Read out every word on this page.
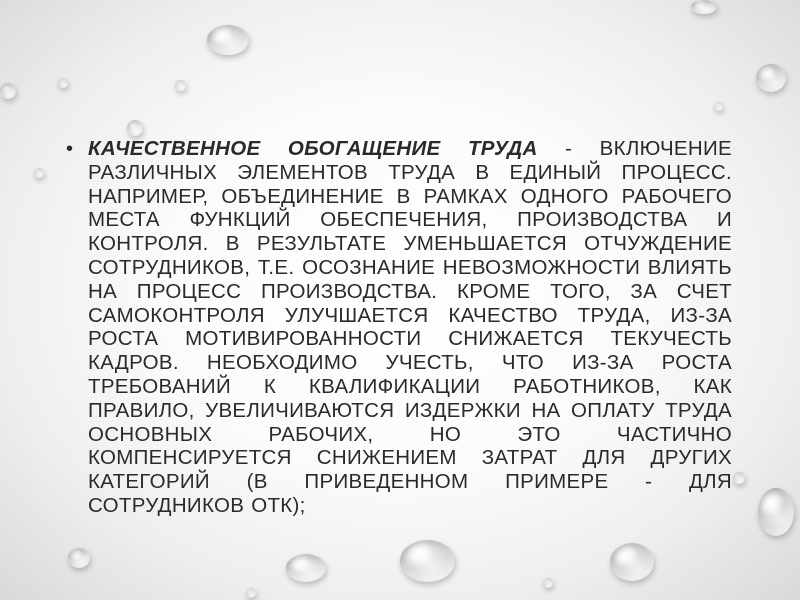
• КАЧЕСТВЕННОЕ ОБОГАЩЕНИЕ ТРУДА - ВКЛЮЧЕНИЕ РАЗЛИЧНЫХ ЭЛЕМЕНТОВ ТРУДА В ЕДИНЫЙ ПРОЦЕСС. НАПРИМЕР, ОБЪЕДИНЕНИЕ В РАМКАХ ОДНОГО РАБОЧЕГО МЕСТА ФУНКЦИЙ ОБЕСПЕЧЕНИЯ, ПРОИЗВОДСТВА И КОНТРОЛЯ. В РЕЗУЛЬТАТЕ УМЕНЬШАЕТСЯ ОТЧУЖДЕНИЕ СОТРУДНИКОВ, Т.Е. ОСОЗНАНИЕ НЕВОЗМОЖНОСТИ ВЛИЯТЬ НА ПРОЦЕСС ПРОИЗВОДСТВА. КРОМЕ ТОГО, ЗА СЧЕТ САМОКОНТРОЛЯ УЛУЧШАЕТСЯ КАЧЕСТВО ТРУДА, ИЗ-ЗА РОСТА МОТИВИРОВАННОСТИ СНИЖАЕТСЯ ТЕКУЧЕСТЬ КАДРОВ. НЕОБХОДИМО УЧЕСТЬ, ЧТО ИЗ-ЗА РОСТА ТРЕБОВАНИЙ К КВАЛИФИКАЦИИ РАБОТНИКОВ, КАК ПРАВИЛО, УВЕЛИЧИВАЮТСЯ ИЗДЕРЖКИ НА ОПЛАТУ ТРУДА ОСНОВНЫХ РАБОЧИХ, НО ЭТО ЧАСТИЧНО КОМПЕНСИРУЕТСЯ СНИЖЕНИЕМ ЗАТРАТ ДЛЯ ДРУГИХ КАТЕГОРИЙ (В ПРИВЕДЕННОМ ПРИМЕРЕ - ДЛЯ СОТРУДНИКОВ ОТК);
